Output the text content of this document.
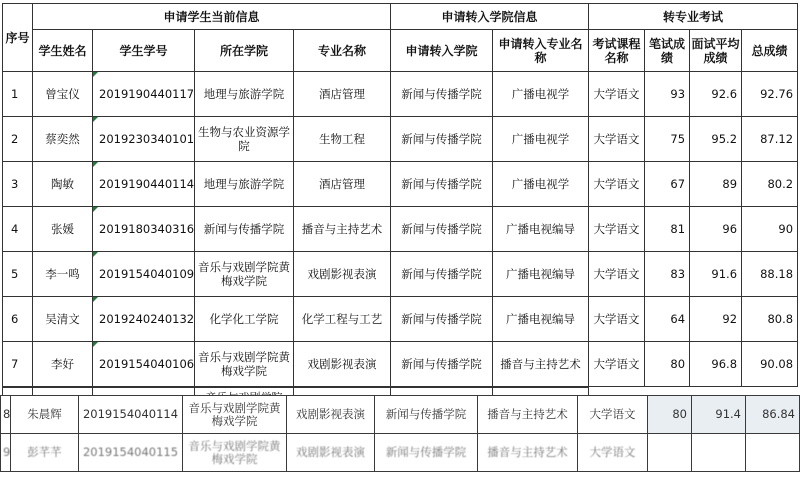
序号	申请学生当前信息				申请转入学院信息		转专业考试			
	学生姓名	学生学号	所在学院	专业名称	申请转入学院	申请转入专业名称	考试课程名称	笔试成绩	面试平均成绩	总成绩
1	曾宝仪	2019190440117	地理与旅游学院	酒店管理	新闻与传播学院	广播电视学	大学语文	93	92.6	92.76
2	蔡奕然	2019230340101	生物与农业资源学院	生物工程	新闻与传播学院	广播电视学	大学语文	75	95.2	87.12
3	陶敏	2019190440114	地理与旅游学院	酒店管理	新闻与传播学院	广播电视学	大学语文	67	89	80.2
4	张媛	2019180340316	新闻与传播学院	播音与主持艺术	新闻与传播学院	广播电视编导	大学语文	81	96	90
5	李一鸣	2019154040109	音乐与戏剧学院黄梅戏学院	戏剧影视表演	新闻与传播学院	广播电视编导	大学语文	83	91.6	88.18
6	吴清文	2019240240132	化学化工学院	化学工程与工艺	新闻与传播学院	广播电视编导	大学语文	64	92	80.8
7	李好	2019154040106	音乐与戏剧学院黄梅戏学院	戏剧影视表演	新闻与传播学院	播音与主持艺术	大学语文	80	96.8	90.08

8	朱晨辉	2019154040114	音乐与戏剧学院黄梅戏学院	戏剧影视表演	新闻与传播学院	播音与主持艺术	大学语文	80	91.4	86.84
9	彭芊芊	2019154040115	音乐与戏剧学院黄梅戏学院	戏剧影视表演	新闻与传播学院	播音与主持艺术	大学语文			
